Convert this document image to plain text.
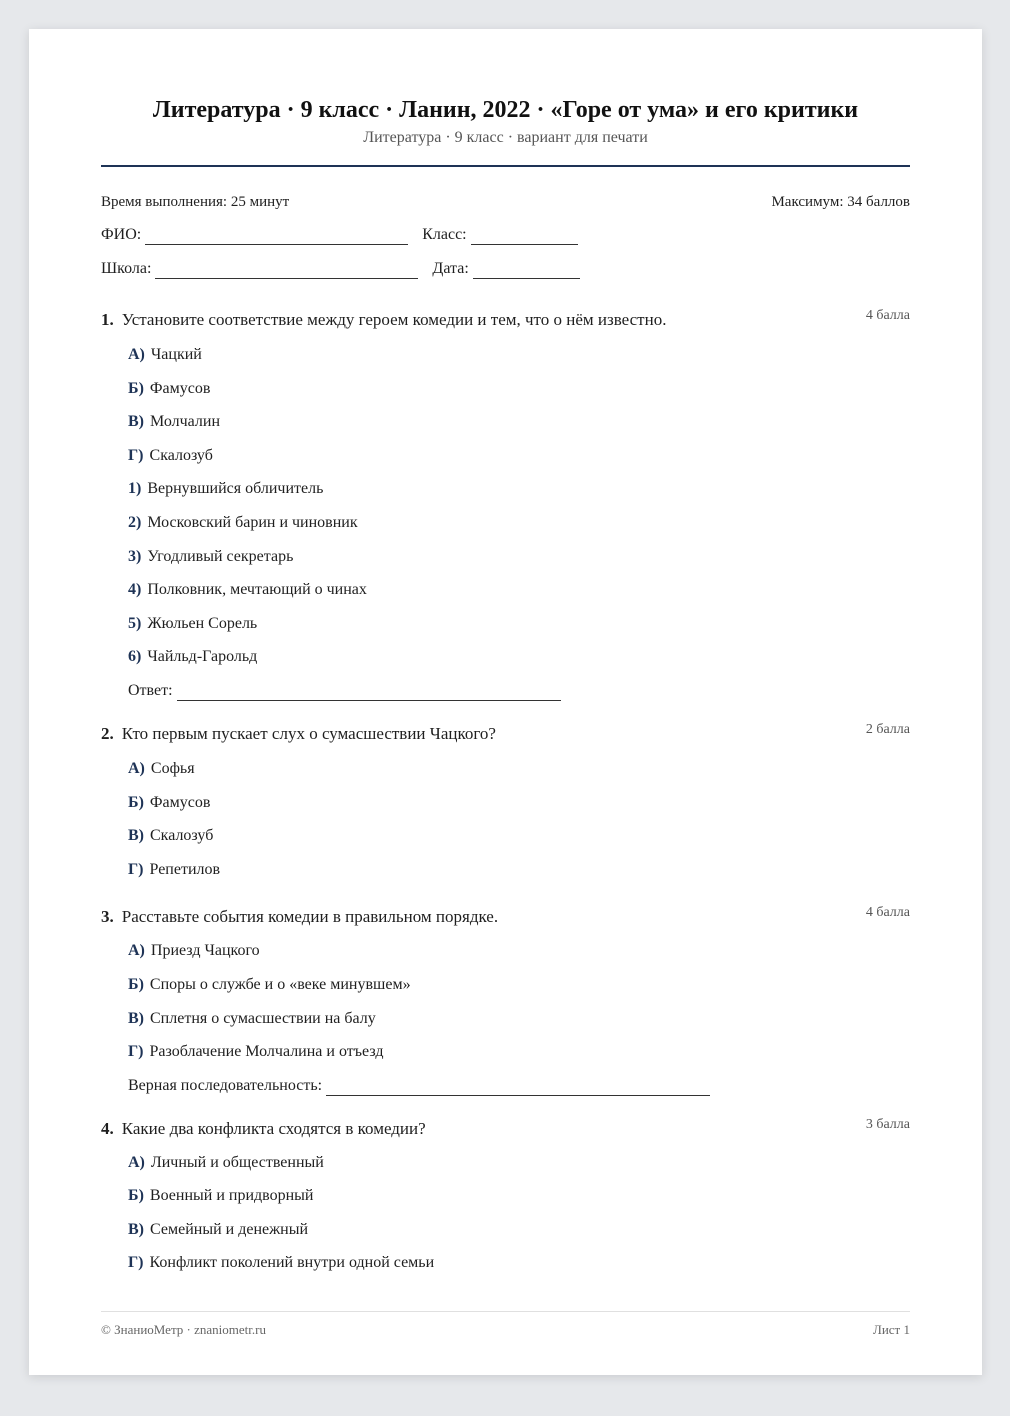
Литература · 9 класс · Ланин, 2022 · «Горе от ума» и его критики
Литература · 9 класс · вариант для печати
Время выполнения: 25 минут	Максимум: 34 баллов
ФИО:	Класс:
Школа:	Дата:
1. Установите соответствие между героем комедии и тем, что о нём известно.	4 балла
А) Чацкий
Б) Фамусов
В) Молчалин
Г) Скалозуб
1) Вернувшийся обличитель
2) Московский барин и чиновник
3) Угодливый секретарь
4) Полковник, мечтающий о чинах
5) Жюльен Сорель
6) Чайльд-Гарольд
Ответ:
2. Кто первым пускает слух о сумасшествии Чацкого?	2 балла
А) Софья
Б) Фамусов
В) Скалозуб
Г) Репетилов
3. Расставьте события комедии в правильном порядке.	4 балла
А) Приезд Чацкого
Б) Споры о службе и о «веке минувшем»
В) Сплетня о сумасшествии на балу
Г) Разоблачение Молчалина и отъезд
Верная последовательность:
4. Какие два конфликта сходятся в комедии?	3 балла
А) Личный и общественный
Б) Военный и придворный
В) Семейный и денежный
Г) Конфликт поколений внутри одной семьи
© ЗнаниоМетр · znaniometr.ru	Лист 1
